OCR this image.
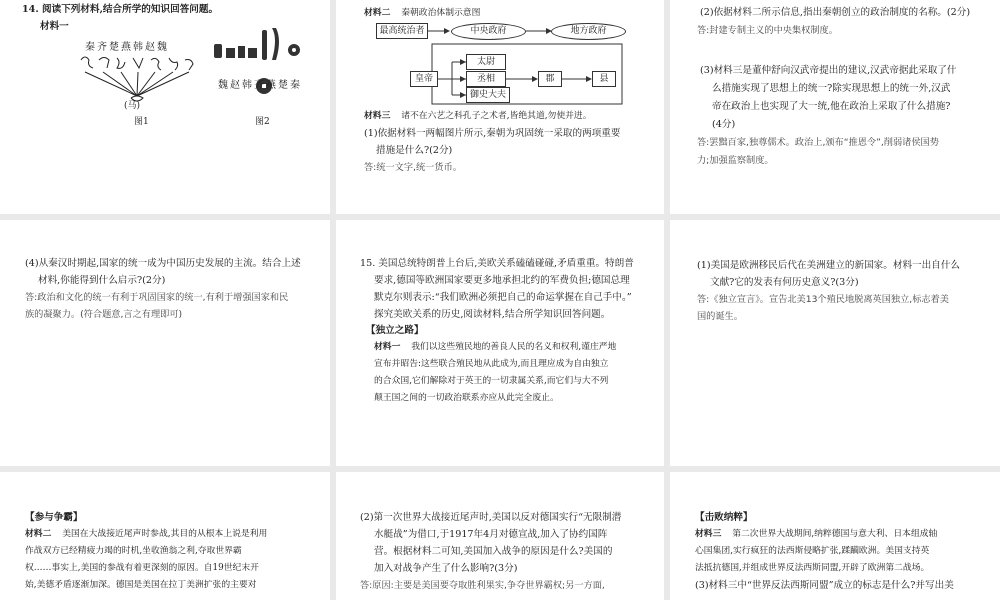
14. 阅读下列材料,结合所学的知识回答问题。
材料一
秦齐楚燕韩赵魏
(马)
图1
魏赵韩齐燕楚秦
图2
材料二 秦朝政治体制示意图
最高统治者	中央政府	地方政府
皇帝
太尉
丞相
御史大夫
郡	县
材料三 诸不在六艺之科孔子之术者,皆绝其道,勿使并进。
(1)依据材料一两幅图片所示,秦朝为巩固统一采取的两项重要
措施是什么?(2分)
答:统一文字,统一货币。
(2)依据材料二所示信息,指出秦朝创立的政治制度的名称。(2分)
答:封建专制主义的中央集权制度。
(3)材料三是董仲舒向汉武帝提出的建议,汉武帝据此采取了什
么措施实现了思想上的统一?除实现思想上的统一外,汉武
帝在政治上也实现了大一统,他在政治上采取了什么措施?
(4分)
答:罢黜百家,独尊儒术。政治上,颁布“推恩令”,削弱诸侯国势
力;加强监察制度。
(4)从秦汉时期起,国家的统一成为中国历史发展的主流。结合上述
材料,你能得到什么启示?(2分)
答:政治和文化的统一有利于巩固国家的统一,有利于增强国家和民
族的凝聚力。(符合题意,言之有理即可)
15. 美国总统特朗普上台后,美欧关系磕磕碰碰,矛盾重重。特朗普
要求,德国等欧洲国家要更多地承担北约的军费负担;德国总理
默克尔则表示:“我们欧洲必须把自己的命运掌握在自己手中。”
探究美欧关系的历史,阅读材料,结合所学知识回答问题。
【独立之路】
材料一 我们以这些殖民地的善良人民的名义和权利,谨庄严地
宣布并昭告:这些联合殖民地从此成为,而且理应成为自由独立
的合众国,它们解除对于英王的一切隶属关系,而它们与大不列
颠王国之间的一切政治联系亦应从此完全废止。
(1)美国是欧洲移民后代在美洲建立的新国家。材料一出自什么
文献?它的发表有何历史意义?(3分)
答:《独立宣言》。宣告北美13个殖民地脱离英国独立,标志着美
国的诞生。
【参与争霸】
材料二 美国在大战接近尾声时参战,其目的从根本上说是利用
作战双方已经精疲力竭的时机,坐收渔翁之利,夺取世界霸
权……事实上,美国的参战有着更深刻的原因。自19世纪末开
始,美德矛盾逐渐加深。德国是美国在拉丁美洲扩张的主要对
(2)第一次世界大战接近尾声时,美国以反对德国实行“无限制潜
水艇战”为借口,于1917年4月对德宣战,加入了协约国阵
营。根据材料二可知,美国加入战争的原因是什么?美国的
加入对战争产生了什么影响?(3分)
答:原因:主要是美国要夺取胜利果实,争夺世界霸权;另一方面,
【击败纳粹】
材料三 第二次世界大战期间,纳粹德国与意大利、日本组成轴
心国集团,实行疯狂的法西斯侵略扩张,蹂躏欧洲。美国支持英
法抵抗德国,并组成世界反法西斯同盟,开辟了欧洲第二战场。
(3)材料三中“世界反法西斯同盟”成立的标志是什么?并写出美
